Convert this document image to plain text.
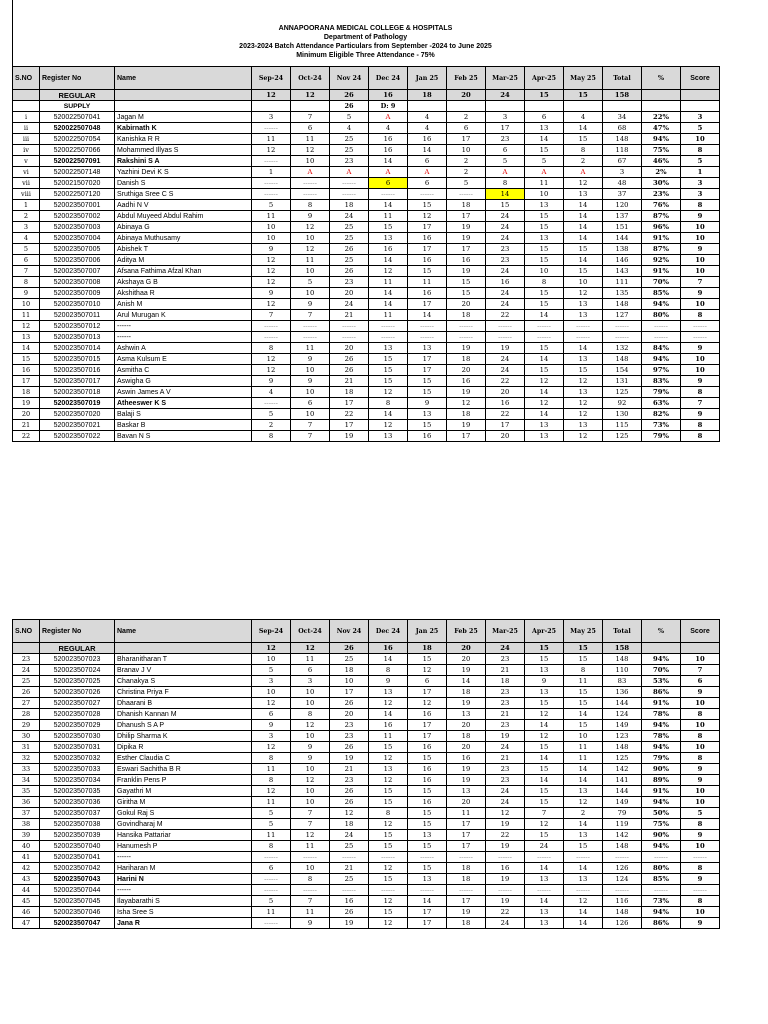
ANNAPOORANA MEDICAL COLLEGE & HOSPITALS
Department of Pathology
2023-2024 Batch Attendance Particulars from September -2024 to June 2025
Minimum Eligible Three Attendance - 75%
S.NO	Register No	Name	Sep-24	Oct-24	Nov 24	Dec 24	Jan 25	Feb 25	Mar-25	Apr-25	May 25	Total	%	Score
	REGULAR		12	12	26	16	18	20	24	15	15	158		
	SUPPLY				26	D: 9								
i	520022507041	Jagan M	3	7	5	A	4	2	3	6	4	34	22%	3
ii	520022507048	Kabirnath K	------	6	4	4	4	6	17	13	14	68	47%	5
iii	520022507054	Kanishka R R	11	11	25	16	16	17	23	14	15	148	94%	10
iv	520022507066	Mohammed Illyas S	12	12	25	16	14	10	6	15	8	118	75%	8
v	520022507091	Rakshini S A	------	10	23	14	6	2	5	5	2	67	46%	5
vi	520022507148	Yazhini Devi K S	1	A	A	A	A	2	A	A	A	3	2%	1
vii	520021507020	Danish S	------	------	------	6	6	5	8	11	12	48	30%	3
viii	520022507120	Sruthiga Sree C S	------	------	------	------	------	------	14	10	13	37	23%	3
1	520023507001	Aadhi N V	5	8	18	14	15	18	15	13	14	120	76%	8
2	520023507002	Abdul Muyeed Abdul Rahim	11	9	24	11	12	17	24	15	14	137	87%	9
3	520023507003	Abinaya G	10	12	25	15	17	19	24	15	14	151	96%	10
4	520023507004	Abinaya Muthusamy	10	10	25	13	16	19	24	13	14	144	91%	10
5	520023507005	Abishek T	9	12	26	16	17	17	23	15	15	138	87%	9
6	520023507006	Aditya M	12	11	25	14	16	16	23	15	14	146	92%	10
7	520023507007	Afsana Fathima Afzal Khan	12	10	26	12	15	19	24	10	15	143	91%	10
8	520023507008	Akshaya G B	12	5	23	11	11	15	16	8	10	111	70%	7
9	520023507009	Akshithaa R	9	10	20	14	16	15	24	15	12	135	85%	9
10	520023507010	Anish M	12	9	24	14	17	20	24	15	13	148	94%	10
11	520023507011	Arul Murugan K	7	7	21	11	14	18	22	14	13	127	80%	8
12	520023507012	------	------	------	------	------	------	------	------	------	------	------	------	------
13	520023507013	------	------	------	------	------	------	------	------	------	------	------	------	------
14	520023507014	Ashwin A	8	11	20	13	13	19	19	15	14	132	84%	9
15	520023507015	Asma Kulsum E	12	9	26	15	17	18	24	14	13	148	94%	10
16	520023507016	Asmitha C	12	10	26	15	17	20	24	15	15	154	97%	10
17	520023507017	Aswigha G	9	9	21	15	15	16	22	12	12	131	83%	9
18	520023507018	Aswin James A V	4	10	18	12	15	19	20	14	13	125	79%	8
19	520023507019	Atheeswer K S	------	6	17	8	9	12	16	12	12	92	63%	7
20	520023507020	Balaji S	5	10	22	14	13	18	22	14	12	130	82%	9
21	520023507021	Baskar B	2	7	17	12	15	19	17	13	13	115	73%	8
22	520023507022	Bavan N S	8	7	19	13	16	17	20	13	12	125	79%	8
S.NO	Register No	Name	Sep-24	Oct-24	Nov 24	Dec 24	Jan 25	Feb 25	Mar-25	Apr-25	May 25	Total	%	Score
	REGULAR		12	12	26	16	18	20	24	15	15	158		
23	520023507023	Bharanitharan T	10	11	25	14	15	20	23	15	15	148	94%	10
24	520023507024	Branav J V	5	6	18	8	12	19	21	13	8	110	70%	7
25	520023507025	Chanakya S	3	3	10	9	6	14	18	9	11	83	53%	6
26	520023507026	Christina Priya F	10	10	17	13	17	18	23	13	15	136	86%	9
27	520023507027	Dhaarani B	12	10	26	12	12	19	23	15	15	144	91%	10
28	520023507028	Dhanish Kannan M	6	8	20	14	16	13	21	12	14	124	78%	8
29	520023507029	Dhanush S A P	9	12	23	16	17	20	23	14	15	149	94%	10
30	520023507030	Dhilip Sharma K	3	10	23	11	17	18	19	12	10	123	78%	8
31	520023507031	Dipika R	12	9	26	15	16	20	24	15	11	148	94%	10
32	520023507032	Esther Claudia C	8	9	19	12	15	16	21	14	11	125	79%	8
33	520023507033	Eswari Sachitha B R	11	10	21	13	16	19	23	15	14	142	90%	9
34	520023507034	Franklin Pens P	8	12	23	12	16	19	23	14	14	141	89%	9
35	520023507035	Gayathri M	12	10	26	15	15	13	24	15	13	144	91%	10
36	520023507036	Giritha M	11	10	26	15	16	20	24	15	12	149	94%	10
37	520023507037	Gokul Raj S	5	7	12	8	15	11	12	7	2	79	50%	5
38	520023507038	Govindharaj M	5	7	18	12	15	17	19	12	14	119	75%	8
39	520023507039	Hansika Pattariar	11	12	24	15	13	17	22	15	13	142	90%	9
40	520023507040	Hanumesh P	8	11	25	15	15	17	19	24	15	148	94%	10
41	520023507041	------	------	------	------	------	------	------	------	------	------	------	------	------
42	520023507042	Hariharan M	6	10	21	12	15	18	16	14	14	126	80%	8
43	520023507043	Harini N	------	8	25	15	13	18	19	13	13	124	85%	9
44	520023507044	------	------	------	------	------	------	------	------	------	------	------	------	------
45	520023507045	Ilayabarathi S	5	7	16	12	14	17	19	14	12	116	73%	8
46	520023507046	Isha Sree S	11	11	26	15	17	19	22	13	14	148	94%	10
47	520023507047	Jana R	------	9	19	12	17	18	24	13	14	126	86%	9
